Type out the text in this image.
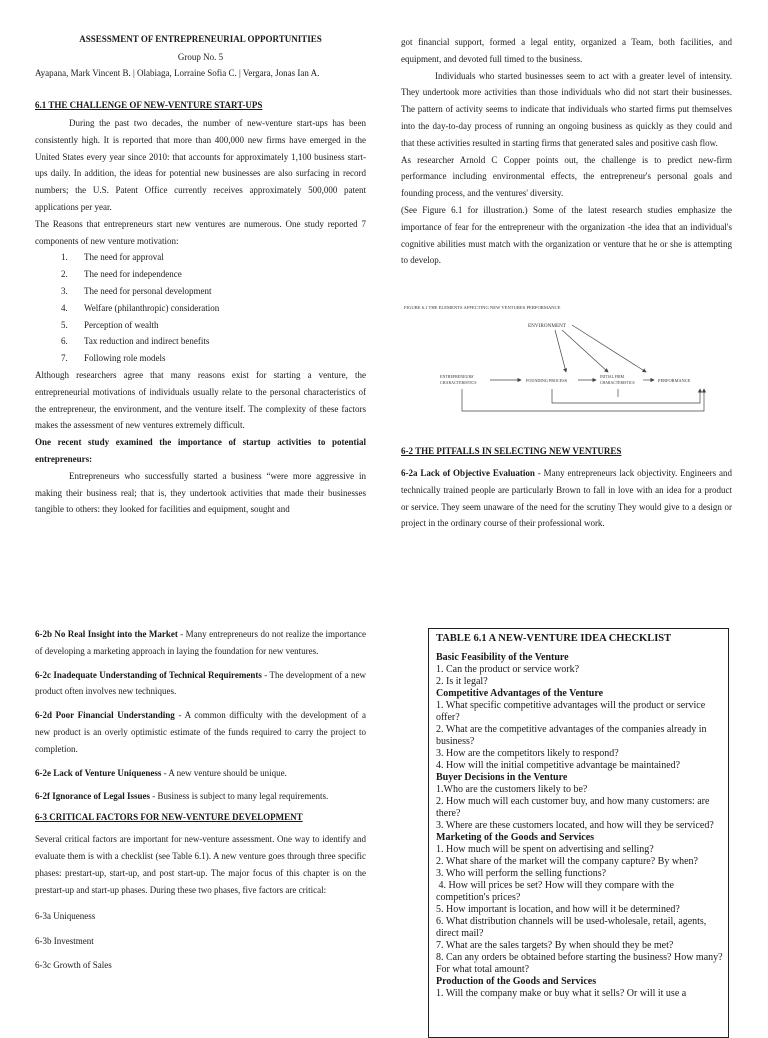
ASSESSMENT OF ENTREPRENEURIAL OPPORTUNITIES
Group No. 5
Ayapana, Mark Vincent B. | Olabiaga, Lorraine Sofia C. | Vergara, Jonas Ian A.
6.1 THE CHALLENGE OF NEW-VENTURE START-UPS

During the past two decades, the number of new-venture start-ups has been consistently high. It is reported that more than 400,000 new firms have emerged in the United States every year since 2010: that accounts for approximately 1,100 business start-ups daily. In addition, the ideas for potential new businesses are also surfacing in record numbers; the U.S. Patent Office currently receives approximately 500,000 patent applications per year.

The Reasons that entrepreneurs start new ventures are numerous. One study reported 7 components of new venture motivation:

1. The need for approval
2. The need for independence
3. The need for personal development
4. Welfare (philanthropic) consideration
5. Perception of wealth
6. Tax reduction and indirect benefits
7. Following role models

Although researchers agree that many reasons exist for starting a venture, the entrepreneurial motivations of individuals usually relate to the personal characteristics of the entrepreneur, the environment, and the venture itself. The complexity of these factors makes the assessment of new ventures extremely difficult.

One recent study examined the importance of startup activities to potential entrepreneurs:

Entrepreneurs who successfully started a business “were more aggressive in making their business real; that is, they undertook activities that made their businesses tangible to others: they looked for facilities and equipment, sought and

got financial support, formed a legal entity, organized a Team, both facilities, and equipment, and devoted full timed to the business.

Individuals who started businesses seem to act with a greater level of intensity. They undertook more activities than those individuals who did not start their businesses. The pattern of activity seems to indicate that individuals who started firms put themselves into the day-to-day process of running an ongoing business as quickly as they could and that these activities resulted in starting firms that generated sales and positive cash flow.

As researcher Arnold C Copper points out, the challenge is to predict new-firm performance including environmental effects, the entrepreneur's personal goals and founding process, and the ventures' diversity.

(See Figure 6.1 for illustration.) Some of the latest research studies emphasize the importance of fear for the entrepreneur with the organization -the idea that an individual's cognitive abilities must match with the organization or venture that he or she is attempting to develop.

FIGURE 6.1 THE ELEMENTS AFFECTING NEW VENTURES PERFORMANCE
ENVIRONMENT
ENTREPRENEURS'
CHARACTERISTICS	FOUNDING PROCESS
INITIAL FIRM
CHARACTERISTICS	PERFORMANCE
6-2 THE PITFALLS IN SELECTING NEW VENTURES

6-2a Lack of Objective Evaluation - Many entrepreneurs lack objectivity. Engineers and technically trained people are particularly Brown to fall in love with an idea for a product or service. They seem unaware of the need for the scrutiny They would give to a design or project in the ordinary course of their professional work.

6-2b No Real Insight into the Market - Many entrepreneurs do not realize the importance of developing a marketing approach in laying the foundation for new ventures.

6-2c Inadequate Understanding of Technical Requirements - The development of a new product often involves new techniques.

6-2d Poor Financial Understanding - A common difficulty with the development of a new product is an overly optimistic estimate of the funds required to carry the project to completion.

6-2e Lack of Venture Uniqueness - A new venture should be unique.

6-2f Ignorance of Legal Issues - Business is subject to many legal requirements.

6-3 CRITICAL FACTORS FOR NEW-VENTURE DEVELOPMENT

Several critical factors are important for new-venture assessment. One way to identify and evaluate them is with a checklist (see Table 6.1). A new venture goes through three specific phases: prestart-up, start-up, and post start-up. The major focus of this chapter is on the prestart-up and start-up phases. During these two phases, five factors are critical:

6-3a Uniqueness
6-3b Investment
6-3c Growth of Sales
TABLE 6.1 A NEW-VENTURE IDEA CHECKLIST
Basic Feasibility of the Venture
1. Can the product or service work?
2. Is it legal?
Competitive Advantages of the Venture
1. What specific competitive advantages will the product or service offer?
2. What are the competitive advantages of the companies already in business?
3. How are the competitors likely to respond?
4. How will the initial competitive advantage be maintained?
Buyer Decisions in the Venture
1.Who are the customers likely to be?
2. How much will each customer buy, and how many customers: are there?
3. Where are these customers located, and how will they be serviced?
Marketing of the Goods and Services
1. How much will be spent on advertising and selling?
2. What share of the market will the company capture? By when?
3. Who will perform the selling functions?
4. How will prices be set? How will they compare with the competition's prices?
5. How important is location, and how will it be determined?
6. What distribution channels will be used-wholesale, retail, agents, direct mail?
7. What are the sales targets? By when should they be met?
8. Can any orders be obtained before starting the business? How many? For what total amount?
Production of the Goods and Services
1. Will the company make or buy what it sells? Or will it use a
